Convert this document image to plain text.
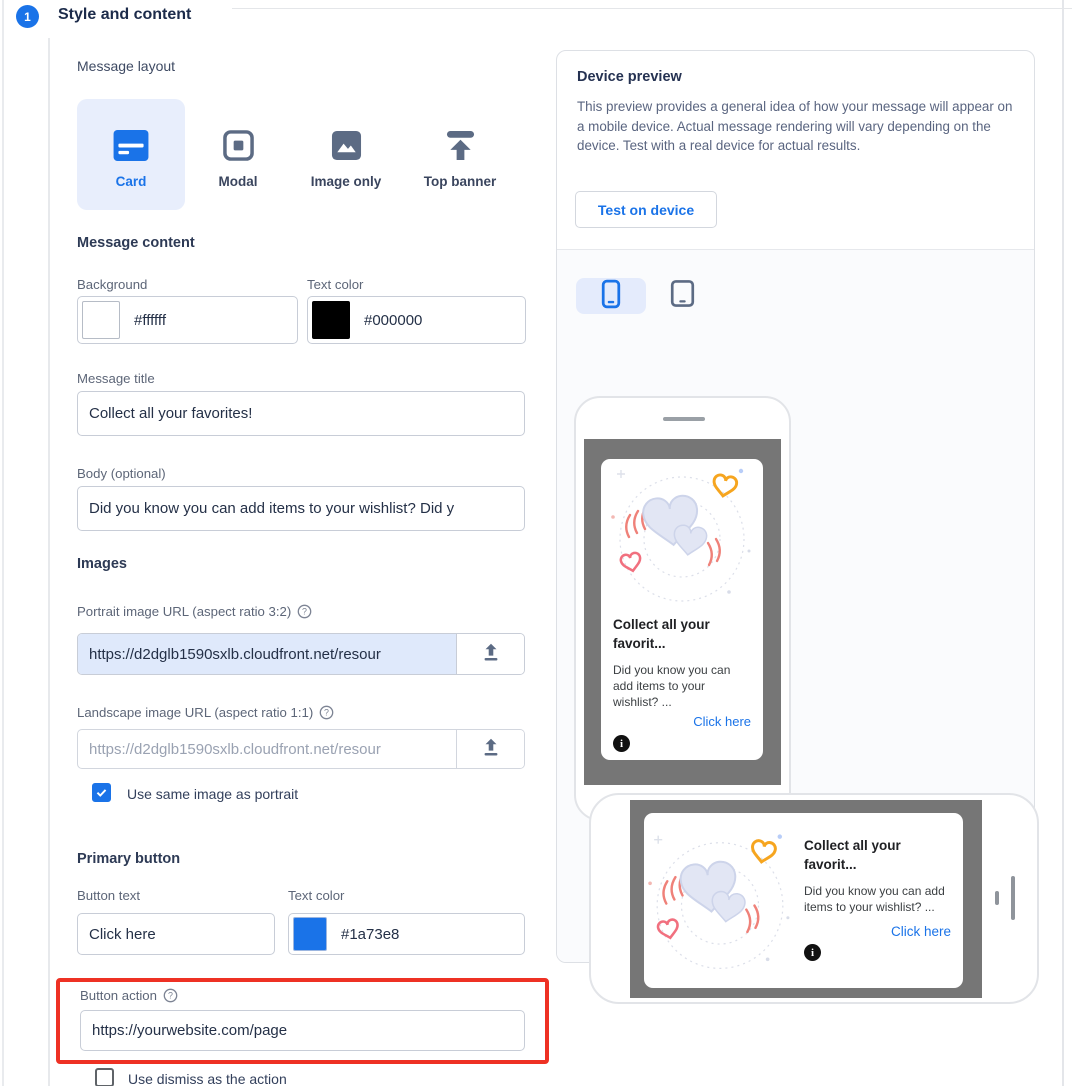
1 Style and content
Message layout
Card	Modal	Image only	Top banner
Message content
Background	Text color
#ffffff	#000000
Message title
Collect all your favorites!
Body (optional)
Did you know you can add items to your wishlist? Did y
Images
Portrait image URL (aspect ratio 3:2)
https://d2dglb1590sxlb.cloudfront.net/resour
Landscape image URL (aspect ratio 1:1)
https://d2dglb1590sxlb.cloudfront.net/resour
Use same image as portrait
Primary button
Button text	Text color
Click here
#1a73e8
Button action
https://yourwebsite.com/page
Use dismiss as the action
Device preview
This preview provides a general idea of how your message will appear on a mobile device. Actual message rendering will vary depending on the device. Test with a real device for actual results.
Test on device
Collect all your favorit...
Did you know you can add items to your wishlist? ...
Click here
i
Collect all your favorit...
Did you know you can add items to your wishlist? ...
Click here
i
